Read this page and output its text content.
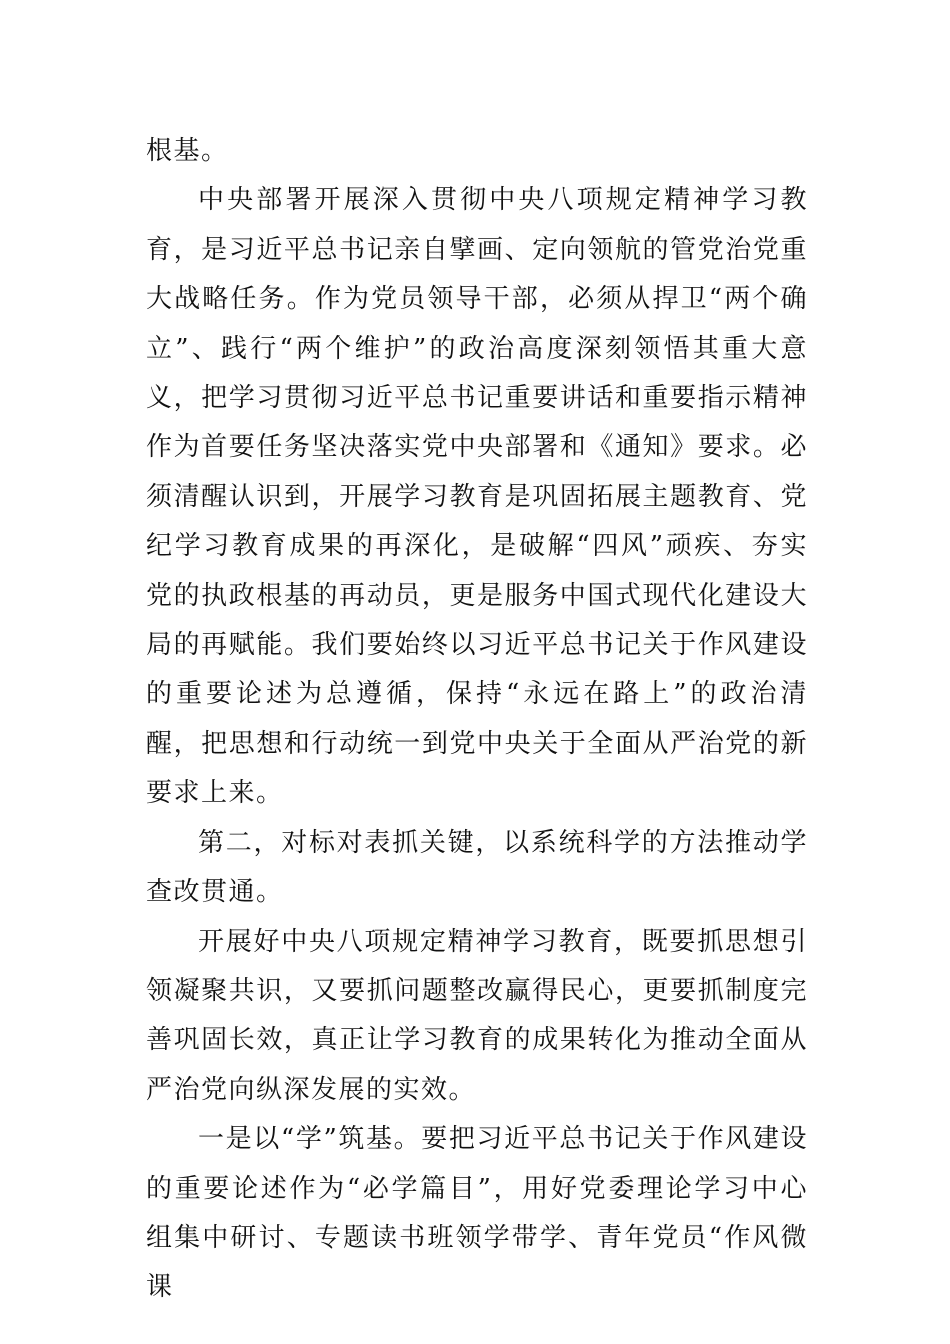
根基。

中央部署开展深入贯彻中央八项规定精神学习教育，是习近平总书记亲自擘画、定向领航的管党治党重大战略任务。作为党员领导干部，必须从捍卫“两个确立”、践行“两个维护”的政治高度深刻领悟其重大意义，把学习贯彻习近平总书记重要讲话和重要指示精神作为首要任务坚决落实党中央部署和《通知》要求。必须清醒认识到，开展学习教育是巩固拓展主题教育、党纪学习教育成果的再深化，是破解“四风”顽疾、夯实党的执政根基的再动员，更是服务中国式现代化建设大局的再赋能。我们要始终以习近平总书记关于作风建设的重要论述为总遵循，保持“永远在路上”的政治清醒，把思想和行动统一到党中央关于全面从严治党的新要求上来。

第二，对标对表抓关键，以系统科学的方法推动学查改贯通。

开展好中央八项规定精神学习教育，既要抓思想引领凝聚共识，又要抓问题整改赢得民心，更要抓制度完善巩固长效，真正让学习教育的成果转化为推动全面从严治党向纵深发展的实效。

一是以“学”筑基。要把习近平总书记关于作风建设的重要论述作为“必学篇目”，用好党委理论学习中心组集中研讨、专题读书班领学带学、青年党员“作风微课
